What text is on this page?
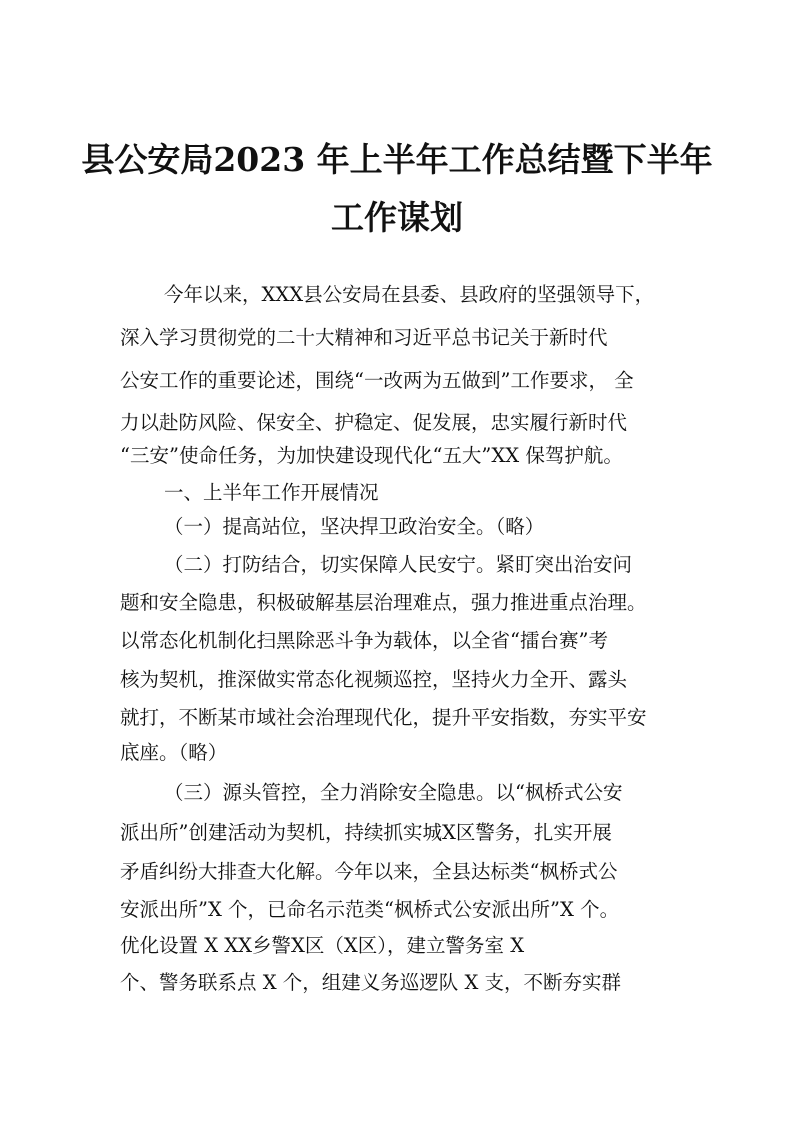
县公安局2023 年上半年工作总结暨下半年
工作谋划
今年以来，XXX县公安局在县委、县政府的坚强领导下，
深入学习贯彻党的二十大精神和习近平总书记关于新时代
公安工作的重要论述，围绕“一改两为五做到”工作要求， 全
力以赴防风险、保安全、护稳定、促发展，忠实履行新时代
“三安”使命任务，为加快建设现代化“五大”XX 保驾护航。
一、上半年工作开展情况
（一）提高站位，坚决捍卫政治安全。（略）
（二）打防结合，切实保障人民安宁。紧盯突出治安问
题和安全隐患，积极破解基层治理难点，强力推进重点治理。
以常态化机制化扫黑除恶斗争为载体，以全省“擂台赛”考
核为契机，推深做实常态化视频巡控，坚持火力全开、露头
就打，不断某市域社会治理现代化，提升平安指数，夯实平安
底座。（略）
（三）源头管控，全力消除安全隐患。以“枫桥式公安
派出所”创建活动为契机，持续抓实城X区警务，扎实开展
矛盾纠纷大排查大化解。今年以来，全县达标类“枫桥式公
安派出所”X 个，已命名示范类“枫桥式公安派出所”X 个。
优化设置 X XX乡警X区（X区），建立警务室 X
个、警务联系点 X 个，组建义务巡逻队 X 支，不断夯实群
